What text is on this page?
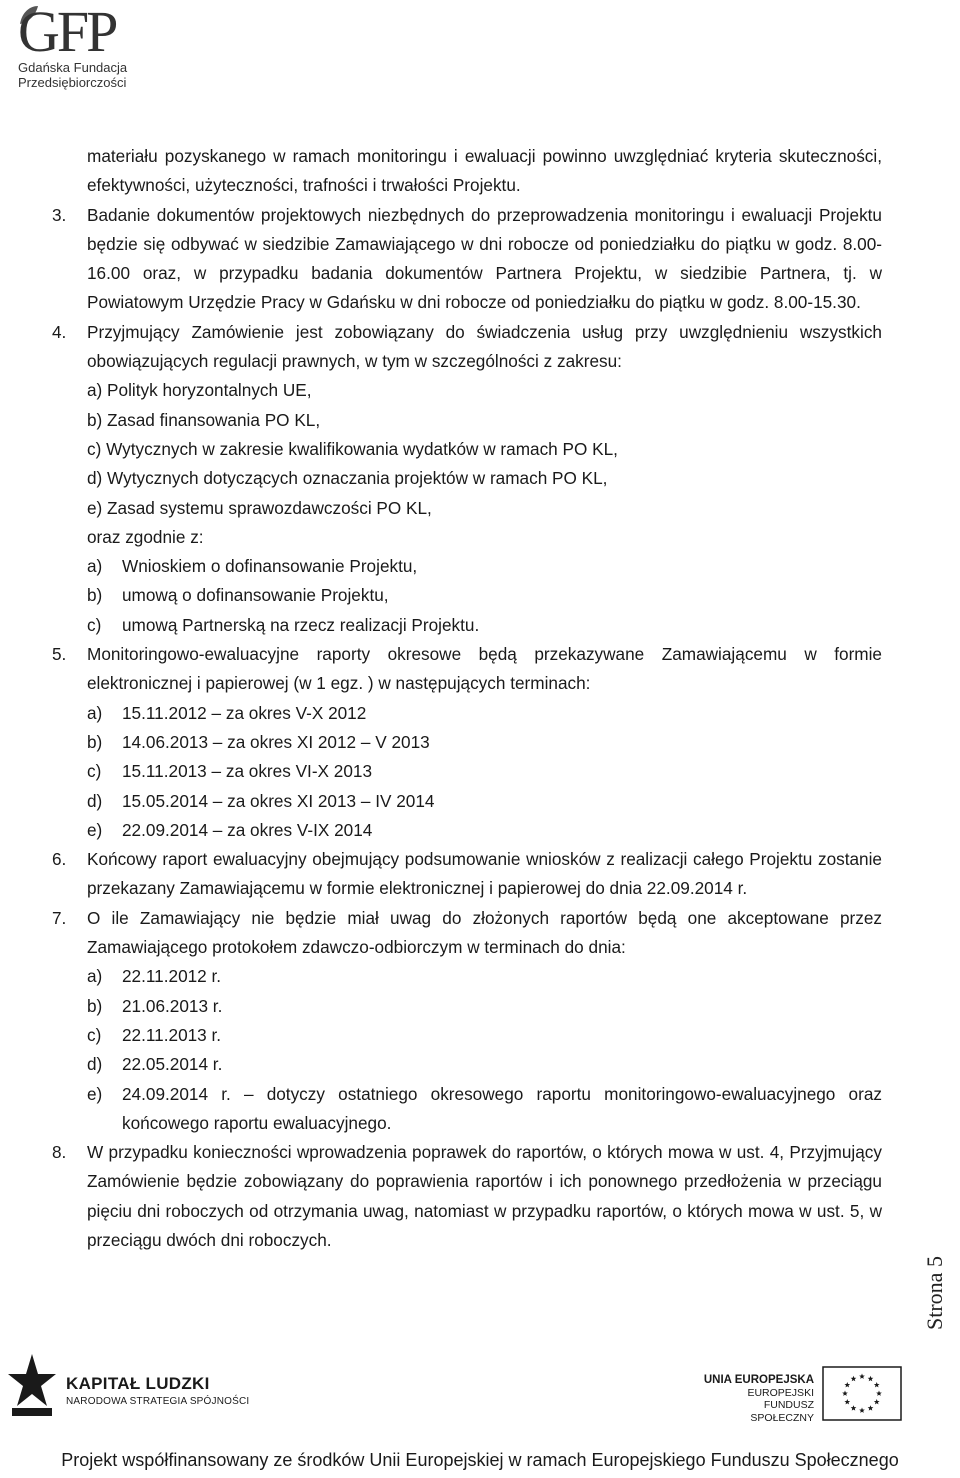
GFP
Gdańska Fundacja
Przedsiębiorczości
materiału pozyskanego w ramach monitoringu i ewaluacji powinno uwzględniać kryteria skuteczności, efektywności, użyteczności, trafności i trwałości Projektu.
3. Badanie dokumentów projektowych niezbędnych do przeprowadzenia monitoringu i ewaluacji Projektu będzie się odbywać w siedzibie Zamawiającego w dni robocze od poniedziałku do piątku w godz. 8.00-16.00 oraz, w przypadku badania dokumentów Partnera Projektu, w siedzibie Partnera, tj. w Powiatowym Urzędzie Pracy w Gdańsku w dni robocze od poniedziałku do piątku w godz. 8.00-15.30.
4. Przyjmujący Zamówienie jest zobowiązany do świadczenia usług przy uwzględnieniu wszystkich obowiązujących regulacji prawnych, w tym w szczególności z zakresu:
a) Polityk horyzontalnych UE,
b) Zasad finansowania PO KL,
c) Wytycznych w zakresie kwalifikowania wydatków w ramach PO KL,
d) Wytycznych dotyczących oznaczania projektów w ramach PO KL,
e) Zasad systemu sprawozdawczości PO KL,
oraz zgodnie z:
a) Wnioskiem o dofinansowanie Projektu,
b) umową o dofinansowanie Projektu,
c) umową Partnerską na rzecz realizacji Projektu.
5. Monitoringowo-ewaluacyjne raporty okresowe będą przekazywane Zamawiającemu w formie elektronicznej i papierowej (w 1 egz. ) w następujących terminach:
a) 15.11.2012 – za okres V-X 2012
b) 14.06.2013 – za okres XI 2012 – V 2013
c) 15.11.2013 – za okres VI-X 2013
d) 15.05.2014 – za okres XI 2013 – IV 2014
e) 22.09.2014 – za okres V-IX 2014
6. Końcowy raport ewaluacyjny obejmujący podsumowanie wniosków z realizacji całego Projektu zostanie przekazany Zamawiającemu w formie elektronicznej i papierowej do dnia 22.09.2014 r.
7. O ile Zamawiający nie będzie miał uwag do złożonych raportów będą one akceptowane przez Zamawiającego protokołem zdawczo-odbiorczym w terminach do dnia:
a) 22.11.2012 r.
b) 21.06.2013 r.
c) 22.11.2013 r.
d) 22.05.2014 r.
e) 24.09.2014 r. – dotyczy ostatniego okresowego raportu monitoringowo-ewaluacyjnego oraz końcowego raportu ewaluacyjnego.
8. W przypadku konieczności wprowadzenia poprawek do raportów, o których mowa w ust. 4, Przyjmujący Zamówienie będzie zobowiązany do poprawienia raportów i ich ponownego przedłożenia w przeciągu pięciu dni roboczych od otrzymania uwag, natomiast w przypadku raportów, o których mowa w ust. 5, w przeciągu dwóch dni roboczych.
Strona 5
KAPITAŁ LUDZKI
NARODOWA STRATEGIA SPÓJNOŚCI
UNIA EUROPEJSKA
EUROPEJSKI
FUNDUSZ SPOŁECZNY
Projekt współfinansowany ze środków Unii Europejskiej w ramach Europejskiego Funduszu Społecznego
